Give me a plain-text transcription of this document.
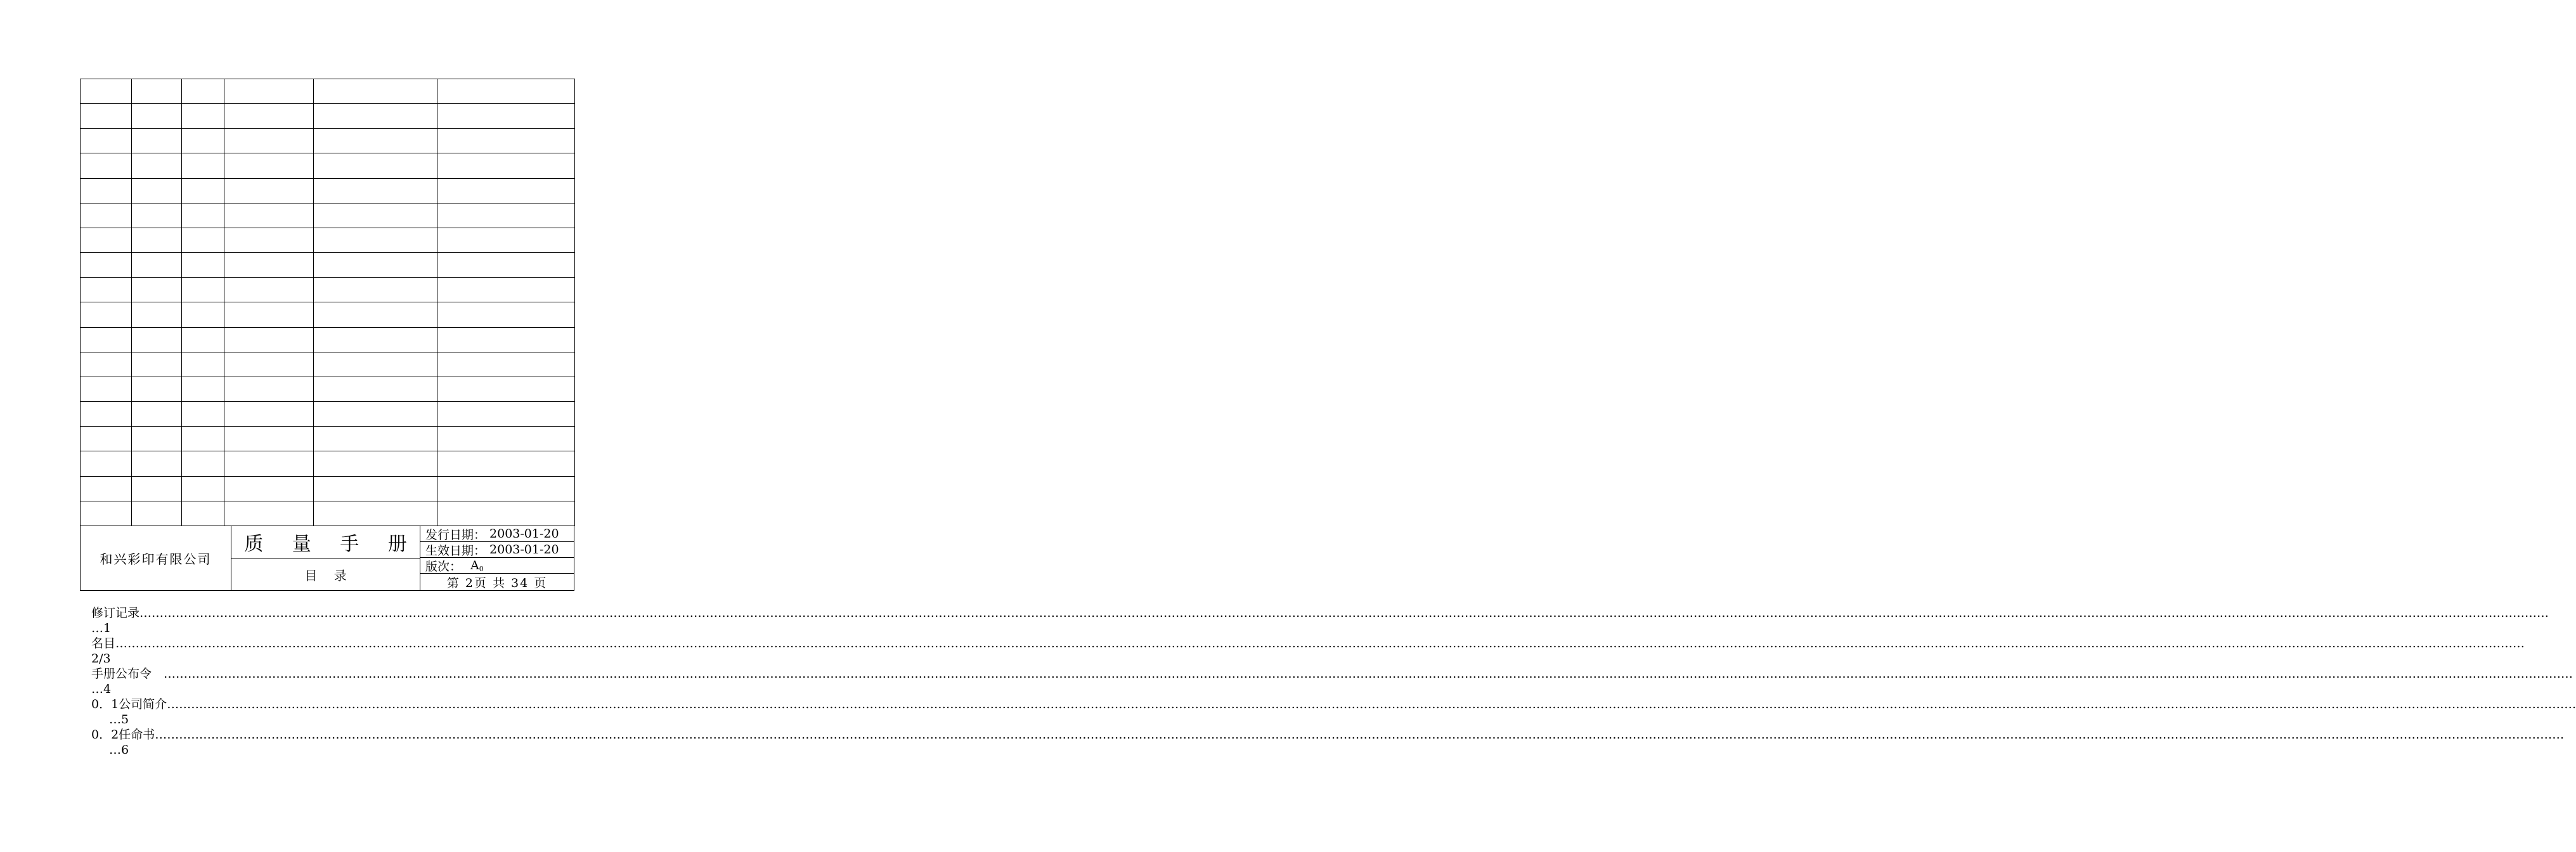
和兴彩印有限公司
质 量 手 册
目 录
发行日期： 2003-01-20
生效日期： 2003-01-20
版次： A0
第 2页 共 34 页
修订记录 ……………………………………………………………………………………………………………………………………………………………………………………………………………………………………………………………………………………………………………………………………………………………………………………………………………………………………………………………………………………………………………………………………………………
…1
名目 ……………………………………………………………………………………………………………………………………………………………………………………………………………………………………………………………………………………………………………………………………………………………………………………………………………………………………………………………………………………………………………………………………………………
2/3
手册公布令　 ……………………………………………………………………………………………………………………………………………………………………………………………………………………………………………………………………………………………………………………………………………………………………………………………………………………………………………………………………………………………………………………………………………………
…4
0．1公司简介 ……………………………………………………………………………………………………………………………………………………………………………………………………………………………………………………………………………………………………………………………………………………………………………………………………………………………………………………………………………………………………………………………………………………
…5
0．2任命书 ……………………………………………………………………………………………………………………………………………………………………………………………………………………………………………………………………………………………………………………………………………………………………………………………………………………………………………………………………………………………………………………………………………………
…6
